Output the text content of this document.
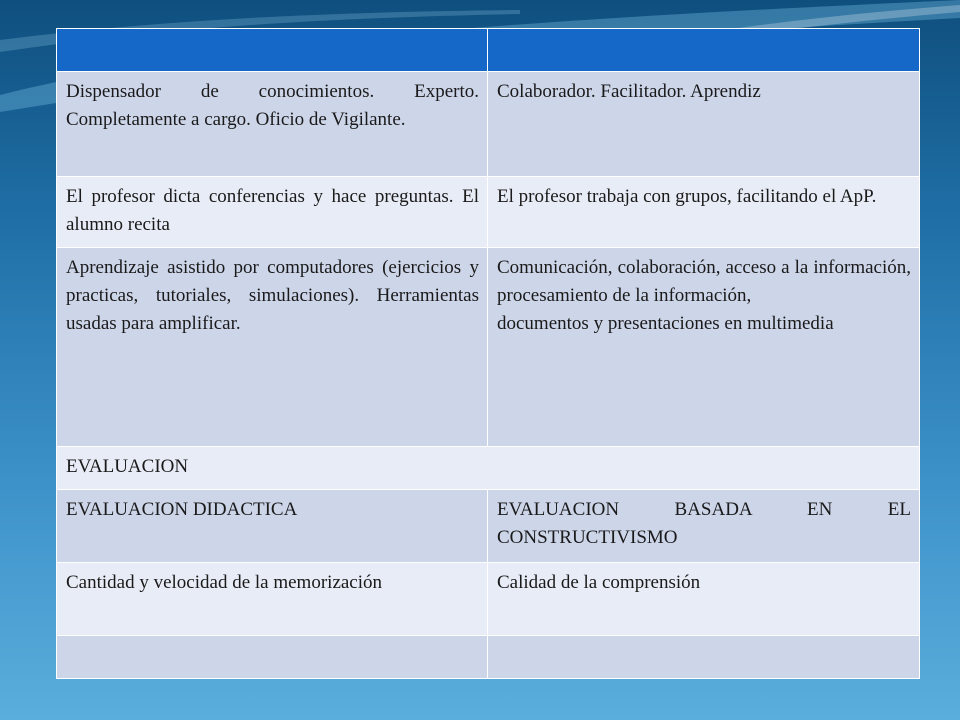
Dispensador de conocimientos. Experto. Completamente a cargo. Oficio de Vigilante.	Colaborador. Facilitador. Aprendiz
El profesor dicta conferencias y hace preguntas. El alumno recita	El profesor trabaja con grupos, facilitando el ApP.
Aprendizaje asistido por computadores (ejercicios y practicas, tutoriales, simulaciones). Herramientas usadas para amplificar.	Comunicación, colaboración, acceso a la información, procesamiento de la información,
documentos y presentaciones en multimedia

EVALUACION	
EVALUACION DIDACTICA	EVALUACION BASADA EN EL CONSTRUCTIVISMO
Cantidad y velocidad de la memorización	Calidad de la comprensión
